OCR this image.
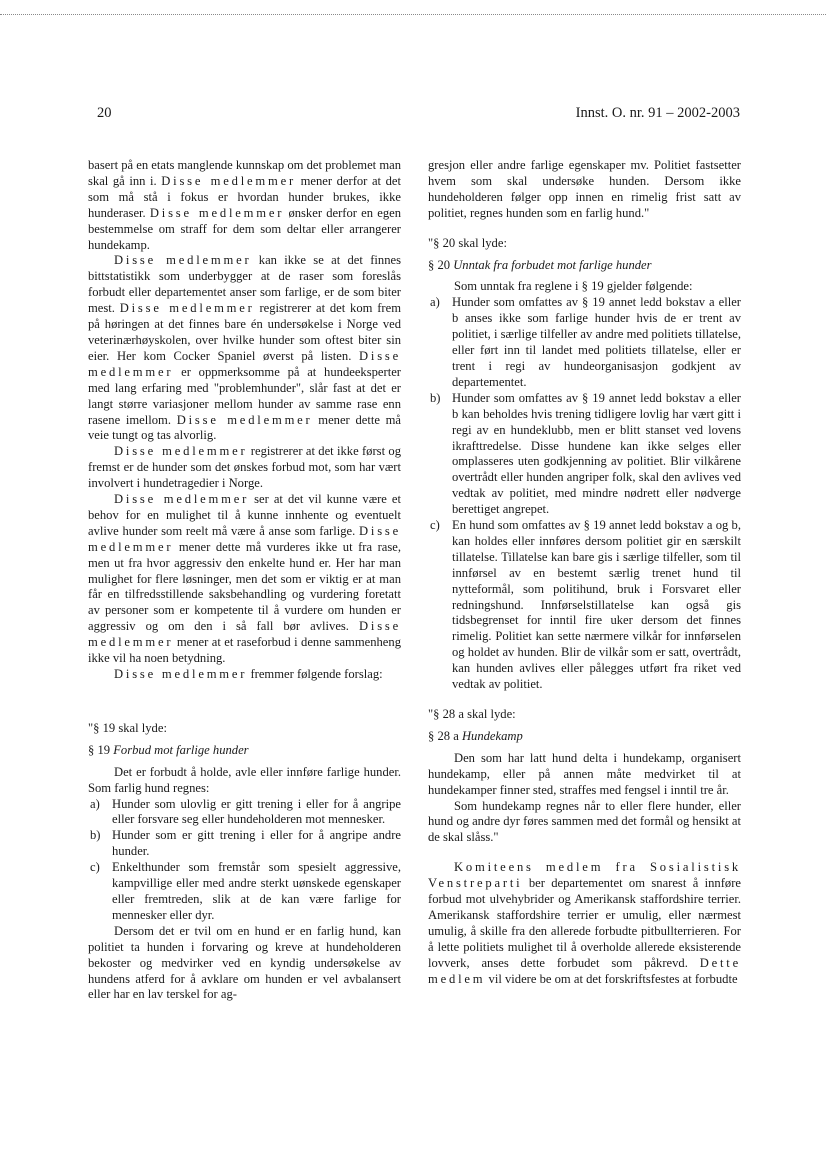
20	Innst. O. nr. 91 – 2002-2003

basert på en etats manglende kunnskap om det problemet man skal gå inn i. Disse medlemmer mener derfor at det som må stå i fokus er hvordan hunder brukes, ikke hunderaser. Disse medlemmer ønsker derfor en egen bestemmelse om straff for dem som deltar eller arrangerer hundekamp.

Disse medlemmer kan ikke se at det finnes bittstatistikk som underbygger at de raser som foreslås forbudt eller departementet anser som farlige, er de som biter mest. Disse medlemmer registrerer at det kom frem på høringen at det finnes bare én undersøkelse i Norge ved veterinærhøyskolen, over hvilke hunder som oftest biter sin eier. Her kom Cocker Spaniel øverst på listen. Disse medlemmer er oppmerksomme på at hundeeksperter med lang erfaring med "problemhunder", slår fast at det er langt større variasjoner mellom hunder av samme rase enn rasene imellom. Disse medlemmer mener dette må veie tungt og tas alvorlig.

Disse medlemmer registrerer at det ikke først og fremst er de hunder som det ønskes forbud mot, som har vært involvert i hundetragedier i Norge.

Disse medlemmer ser at det vil kunne være et behov for en mulighet til å kunne innhente og eventuelt avlive hunder som reelt må være å anse som farlige. Disse medlemmer mener dette må vurderes ikke ut fra rase, men ut fra hvor aggressiv den enkelte hund er. Her har man mulighet for flere løsninger, men det som er viktig er at man får en tilfredsstillende saksbehandling og vurdering foretatt av personer som er kompetente til å vurdere om hunden er aggressiv og om den i så fall bør avlives. Disse medlemmer mener at et raseforbud i denne sammenheng ikke vil ha noen betydning.

Disse medlemmer fremmer følgende forslag:

"§ 19 skal lyde:

§ 19 Forbud mot farlige hunder

Det er forbudt å holde, avle eller innføre farlige hunder. Som farlig hund regnes:

a) Hunder som ulovlig er gitt trening i eller for å angripe eller forsvare seg eller hundeholderen mot mennesker.
b) Hunder som er gitt trening i eller for å angripe andre hunder.
c) Enkelthunder som fremstår som spesielt aggressive, kampvillige eller med andre sterkt uønskede egenskaper eller fremtreden, slik at de kan være farlige for mennesker eller dyr.

Dersom det er tvil om en hund er en farlig hund, kan politiet ta hunden i forvaring og kreve at hundeholderen bekoster og medvirker ved en kyndig undersøkelse av hundens atferd for å avklare om hunden er vel avbalansert eller har en lav terskel for ag-

gresjon eller andre farlige egenskaper mv. Politiet fastsetter hvem som skal undersøke hunden. Dersom ikke hundeholderen følger opp innen en rimelig frist satt av politiet, regnes hunden som en farlig hund."

"§ 20 skal lyde:

§ 20 Unntak fra forbudet mot farlige hunder

Som unntak fra reglene i § 19 gjelder følgende:

a) Hunder som omfattes av § 19 annet ledd bokstav a eller b anses ikke som farlige hunder hvis de er trent av politiet, i særlige tilfeller av andre med politiets tillatelse, eller ført inn til landet med politiets tillatelse, eller er trent i regi av hundeorganisasjon godkjent av departementet.
b) Hunder som omfattes av § 19 annet ledd bokstav a eller b kan beholdes hvis trening tidligere lovlig har vært gitt i regi av en hundeklubb, men er blitt stanset ved lovens ikrafttredelse. Disse hundene kan ikke selges eller omplasseres uten godkjenning av politiet. Blir vilkårene overtrådt eller hunden angriper folk, skal den avlives ved vedtak av politiet, med mindre nødrett eller nødverge berettiget angrepet.
c) En hund som omfattes av § 19 annet ledd bokstav a og b, kan holdes eller innføres dersom politiet gir en særskilt tillatelse. Tillatelse kan bare gis i særlige tilfeller, som til innførsel av en bestemt særlig trenet hund til nytteformål, som politihund, bruk i Forsvaret eller redningshund. Innførselstillatelse kan også gis tidsbegrenset for inntil fire uker dersom det finnes rimelig. Politiet kan sette nærmere vilkår for innførselen og holdet av hunden. Blir de vilkår som er satt, overtrådt, kan hunden avlives eller pålegges utført fra riket ved vedtak av politiet.

"§ 28 a skal lyde:

§ 28 a Hundekamp

Den som har latt hund delta i hundekamp, organisert hundekamp, eller på annen måte medvirket til at hundekamper finner sted, straffes med fengsel i inntil tre år.

Som hundekamp regnes når to eller flere hunder, eller hund og andre dyr føres sammen med det formål og hensikt at de skal slåss."

Komiteens medlem fra Sosialistisk Venstreparti ber departementet om snarest å innføre forbud mot ulvehybrider og Amerikansk staffordshire terrier. Amerikansk staffordshire terrier er umulig, eller nærmest umulig, å skille fra den allerede forbudte pitbullterrieren. For å lette politiets mulighet til å overholde allerede eksisterende lovverk, anses dette forbudet som påkrevd. Dette medlem vil videre be om at det forskriftsfestes at forbudte
